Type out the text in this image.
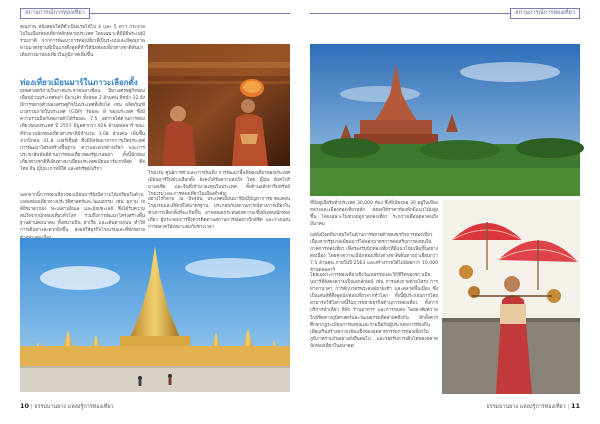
สถานการณ์การท่องเที่ยว	สถานการณ์การท่องเที่ยว
คุณภาพ หนังสดุมใส่ที่ดำเนินแรมได้ไป 4 และ 5 ดาว กระจายไปในเมืองท่องเที่ยวหลักหลายประเทศ โดยเฉพาะที่มีพิธีประเพณีร่วมภาคี จากการพัฒนาการท่องเที่ยวที่เป็นระบบและมีคุณภาพตามมาตรฐานที่เป็นแรงดึงดูดที่ทำให้นักท่องเที่ยวต่างชาติหันมาเดินทางมาท่องเที่ยวในภูมิภาคเพิ่มขึ้น
ท่องเที่ยวเมียนมาร์ในภาวะเลือกตั้ง
ยุทธศาสตร์ภายในภาคประชาคมอาเซียน ปีทางเศรษฐกิจของเพื่อนบ้านประเทศพม่า มีมาแล้ว ทั้งหมด 2 ล้านคน ที่หน้า 22 ยังมีการขยายตัวของเศรษฐกิจในประเทศที่เติบโต เช่น ผลิตภัณฑ์มวลรวมภายในประเทศ (GDP) ร้อยละ 8 ของประเทศ ซึ่งมีความร่วมมือกันขยายตัวได้ร้อยละ 7.5 แต่รายได้ด้านการท่องเที่ยวของประเทศ ปี 2557 มีมูลค่ากว่า 926 ล้านดอลลาร์ ขณะที่จำนวนนักท่องเที่ยวต่างชาติมีจำนวน 3.08 ล้านคน เพิ่มขึ้นจากปีก่อน 41.8 เปอร์เซ็นต์ ซึ่งมีปัจจัยมาจากการเปิดประเทศ การพัฒนาโครงสร้างพื้นฐาน ความสะดวกด้านวีซ่า และการประชาสัมพันธ์ด้านการท่องเที่ยวของรัฐบาลพม่า ทั้งนี้นักท่องเที่ยวต่างชาติที่เดินทางมาเยือนประเทศเมียนมาร์มากที่สุด คือ ไทย จีน ญี่ปุ่น เกาหลีใต้ และสหรัฐอเมริกา
นอกจากนี้การท่องเที่ยวของเมียนมาร์ยังมีความได้เปรียบในด้านแหล่งท่องเที่ยวทางประวัติศาสตร์และวัฒนธรรม เช่น พุกาม เจดีย์ชเวดากอง ทะเลสาบอินเล และมัณฑะเลย์ ซึ่งได้รับความสนใจจากนักท่องเที่ยวทั่วโลก รวมถึงการพัฒนาโครงสร้างพื้นฐานด้านคมนาคม ทั้งสนามบิน ท่าเรือ และเส้นทางถนน ทำให้การเดินทางสะดวกยิ่งขึ้น ส่งผลให้ธุรกิจโรงแรมและที่พักขยาย
โรงแรม ศูนย์การค้าและการบันเทิง การพัฒนาพื้นที่ท่องเที่ยวของประเทศเมียนมาร์ในช่วงเลือกตั้ง ยังคงได้รับความสนใจ ไทย ญี่ปุ่น สิงคโปร์ มาเลเซีย และจีนที่เข้ามาลงทุนในประเทศ ทั้งด้านอสังหาริมทรัพย์ โรงแรม และการท่องเที่ยวในเมืองสำคัญ
อย่างไรก็ตาม ณ ปัจจุบัน ประเทศเมียนมาร์ยังมีปัญหาการขาดแคลนโรงแรมและที่พักที่ได้มาตรฐาน ประกอบกับสถานการณ์ทางการเมืองในช่วงการเลือกตั้งที่จะเกิดขึ้น อาจส่งผลกระทบต่อความเชื่อมั่นของนักท่องเที่ยว ผู้ประกอบการจึงควรติดตามสถานการณ์อย่างใกล้ชิด และวางแผนการตลาดให้เหมาะสมกับช่วงเวลา
10 | ธรรมบานยาง แหล่งรู้การท่องเที่ยว
ที่มีอยู่เมื่อรับทั่วประเทศ 30,000 ห้อง ซึ่งที่เพียงพอ 30 อยู่ในเมืองหลวงและเมืองท่องเที่ยวหลัก ส่งผลให้ราคาห้องพักมีแนวโน้มสูงขึ้น โดยเฉพาะในช่วงฤดูกาลท่องเที่ยว ระหว่างเดือนตุลาคมถึงมีนาคม
แต่ยังมีจุดที่น่าสนใจในด้านการขยายตัวของธุรกิจการท่องเที่ยว เนื่องจากรัฐบาลเมียนมาร์ได้ออกมาตรการส่งเสริมการลงทุนในภาคการท่องเที่ยว เพื่อรองรับนักท่องเที่ยวที่มีแนวโน้มเพิ่มขึ้นอย่างต่อเนื่อง โดยคาดว่าจะมีนักท่องเที่ยวต่างชาติเดินทางมาเยือนกว่า 7.5 ล้านคน ภายในปี 2563 และสร้างรายได้ไม่น้อยกว่า 10,000 ล้านดอลลาร์
โดยเฉพาะการท่องเที่ยวเชิงวัฒนธรรมและวิถีชีวิตของชาวเมียนมาร์ที่ยังคงความเป็นเอกลักษณ์ เช่น การแต่งกายด้วยโสร่ง การทาทานาคา การตักบาตรพระสงฆ์ยามเช้า และตลาดพื้นเมือง ซึ่งเป็นเสน่ห์ที่ดึงดูดนักท่องเที่ยวจากทั่วโลก ทั้งนี้ผู้ประกอบการไทยสามารถใช้โอกาสนี้ในการขยายธุรกิจด้านการท่องเที่ยว ทั้งการบริการนำเที่ยว ที่พัก ร้านอาหาร และการขนส่ง โดยอาศัยความใกล้ชิดทางภูมิศาสตร์และวัฒนธรรมที่คล้ายคลึงกัน อีกทั้งควรศึกษากฎระเบียบการลงทุนและร่วมมือกับผู้ประกอบการท้องถิ่น เพื่อเสริมสร้างความเข้มแข็งของอุตสาหกรรมการท่องเที่ยวในภูมิภาคร่วมกันอย่างยั่งยืนต่อไป และรองรับการเติบโตของตลาดนักท่องเที่ยวในอนาคต
ธรรมบานยาง แหล่งรู้การท่องเที่ยว | 11
